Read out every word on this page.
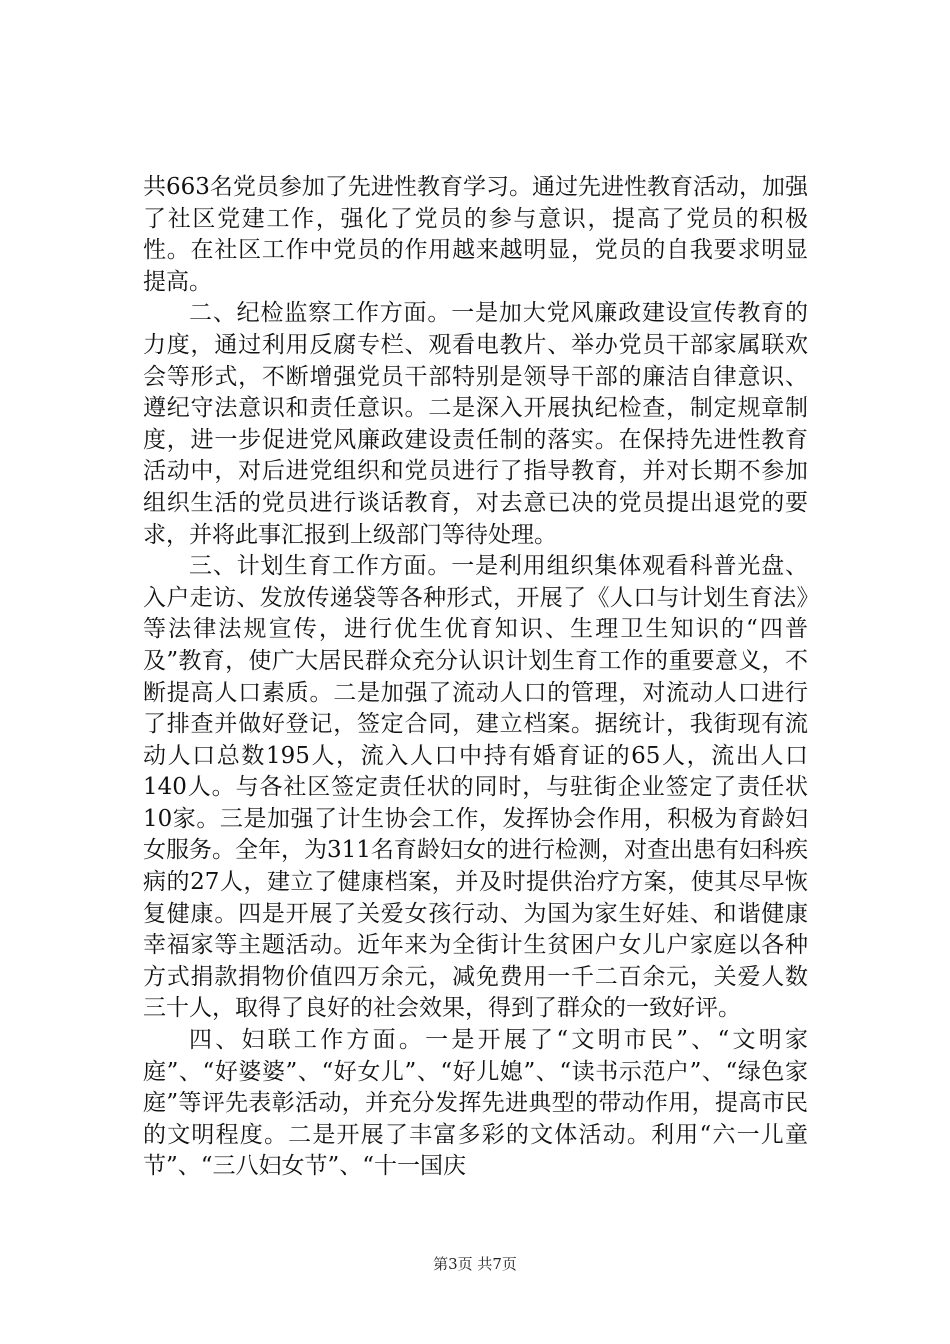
共663名党员参加了先进性教育学习。通过先进性教育活动，加强了社区党建工作，强化了党员的参与意识，提高了党员的积极性。在社区工作中党员的作用越来越明显，党员的自我要求明显提高。

二、纪检监察工作方面。一是加大党风廉政建设宣传教育的力度，通过利用反腐专栏、观看电教片、举办党员干部家属联欢会等形式，不断增强党员干部特别是领导干部的廉洁自律意识、遵纪守法意识和责任意识。二是深入开展执纪检查，制定规章制度，进一步促进党风廉政建设责任制的落实。在保持先进性教育活动中，对后进党组织和党员进行了指导教育，并对长期不参加组织生活的党员进行谈话教育，对去意已决的党员提出退党的要求，并将此事汇报到上级部门等待处理。

三、计划生育工作方面。一是利用组织集体观看科普光盘、入户走访、发放传递袋等各种形式，开展了《人口与计划生育法》等法律法规宣传，进行优生优育知识、生理卫生知识的“四普及”教育，使广大居民群众充分认识计划生育工作的重要意义，不断提高人口素质。二是加强了流动人口的管理，对流动人口进行了排查并做好登记，签定合同，建立档案。据统计，我街现有流动人口总数195人，流入人口中持有婚育证的65人，流出人口140人。与各社区签定责任状的同时，与驻街企业签定了责任状10家。三是加强了计生协会工作，发挥协会作用，积极为育龄妇女服务。全年，为311名育龄妇女的进行检测，对查出患有妇科疾病的27人，建立了健康档案，并及时提供治疗方案，使其尽早恢复健康。四是开展了关爱女孩行动、为国为家生好娃、和谐健康幸福家等主题活动。近年来为全街计生贫困户女儿户家庭以各种方式捐款捐物价值四万余元，减免费用一千二百余元，关爱人数三十人，取得了良好的社会效果，得到了群众的一致好评。

四、妇联工作方面。一是开展了“文明市民”、“文明家庭”、“好婆婆”、“好女儿”、“好儿媳”、“读书示范户”、“绿色家庭”等评先表彰活动，并充分发挥先进典型的带动作用，提高市民的文明程度。二是开展了丰富多彩的文体活动。利用“六一儿童节”、“三八妇女节”、“十一国庆

第3页 共7页
